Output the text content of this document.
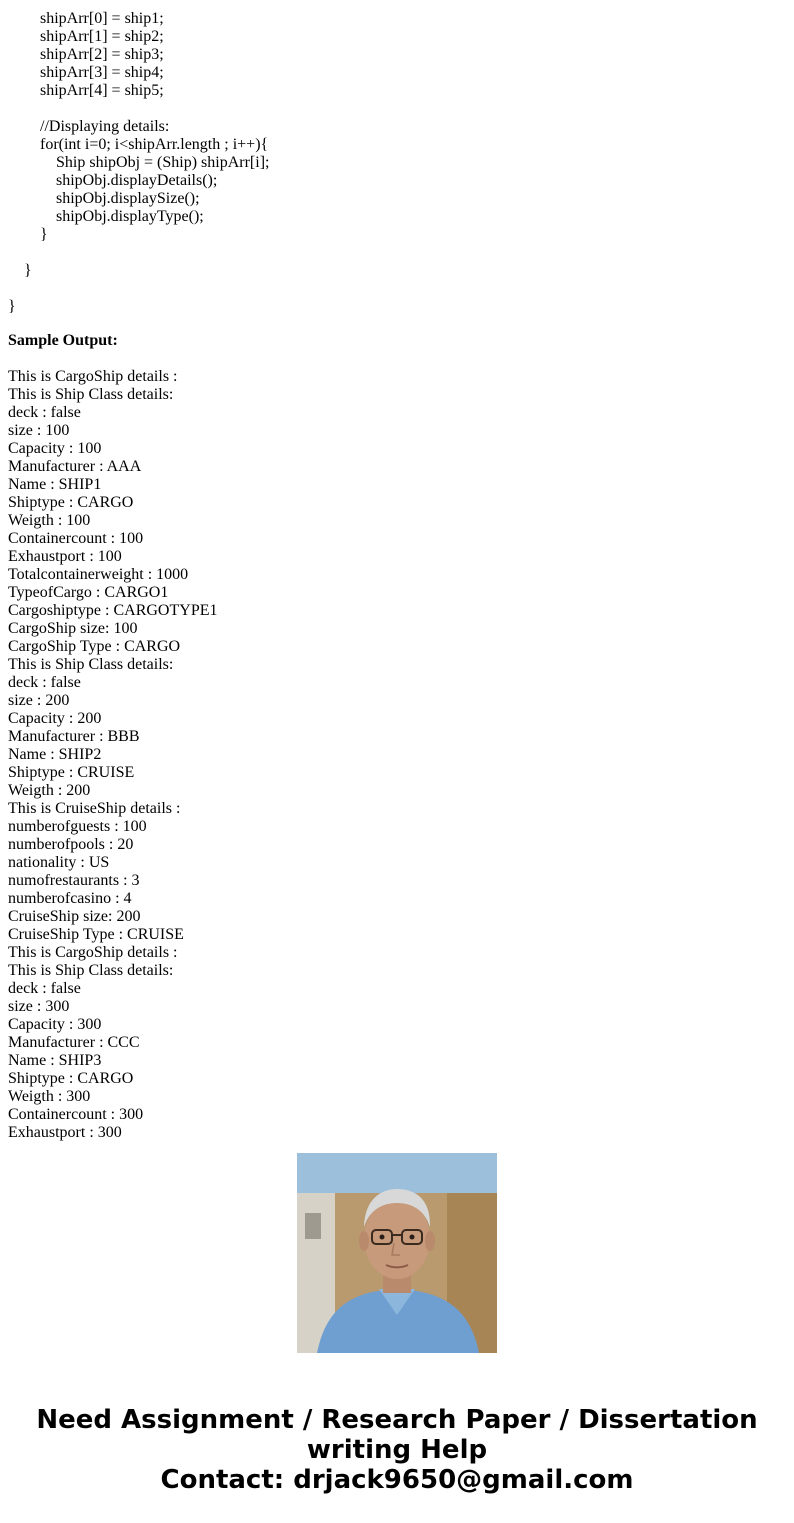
shipArr[0] = ship1;
shipArr[1] = ship2;
shipArr[2] = ship3;
shipArr[3] = ship4;
shipArr[4] = ship5;
//Displaying details:
for(int i=0; i<shipArr.length ; i++){
Ship shipObj = (Ship) shipArr[i];
shipObj.displayDetails();
shipObj.displaySize();
shipObj.displayType();
}
}
}
Sample Output:
This is CargoShip details :
This is Ship Class details:
deck : false
size : 100
Capacity : 100
Manufacturer : AAA
Name : SHIP1
Shiptype : CARGO
Weigth : 100
Containercount : 100
Exhaustport : 100
Totalcontainerweight : 1000
TypeofCargo : CARGO1
Cargoshiptype : CARGOTYPE1
CargoShip size: 100
CargoShip Type : CARGO
This is Ship Class details:
deck : false
size : 200
Capacity : 200
Manufacturer : BBB
Name : SHIP2
Shiptype : CRUISE
Weigth : 200
This is CruiseShip details :
numberofguests : 100
numberofpools : 20
nationality : US
numofrestaurants : 3
numberofcasino : 4
CruiseShip size: 200
CruiseShip Type : CRUISE
This is CargoShip details :
This is Ship Class details:
deck : false
size : 300
Capacity : 300
Manufacturer : CCC
Name : SHIP3
Shiptype : CARGO
Weigth : 300
Containercount : 300
Exhaustport : 300
Need Assignment / Research Paper / Dissertation
writing Help
Contact: drjack9650@gmail.com
